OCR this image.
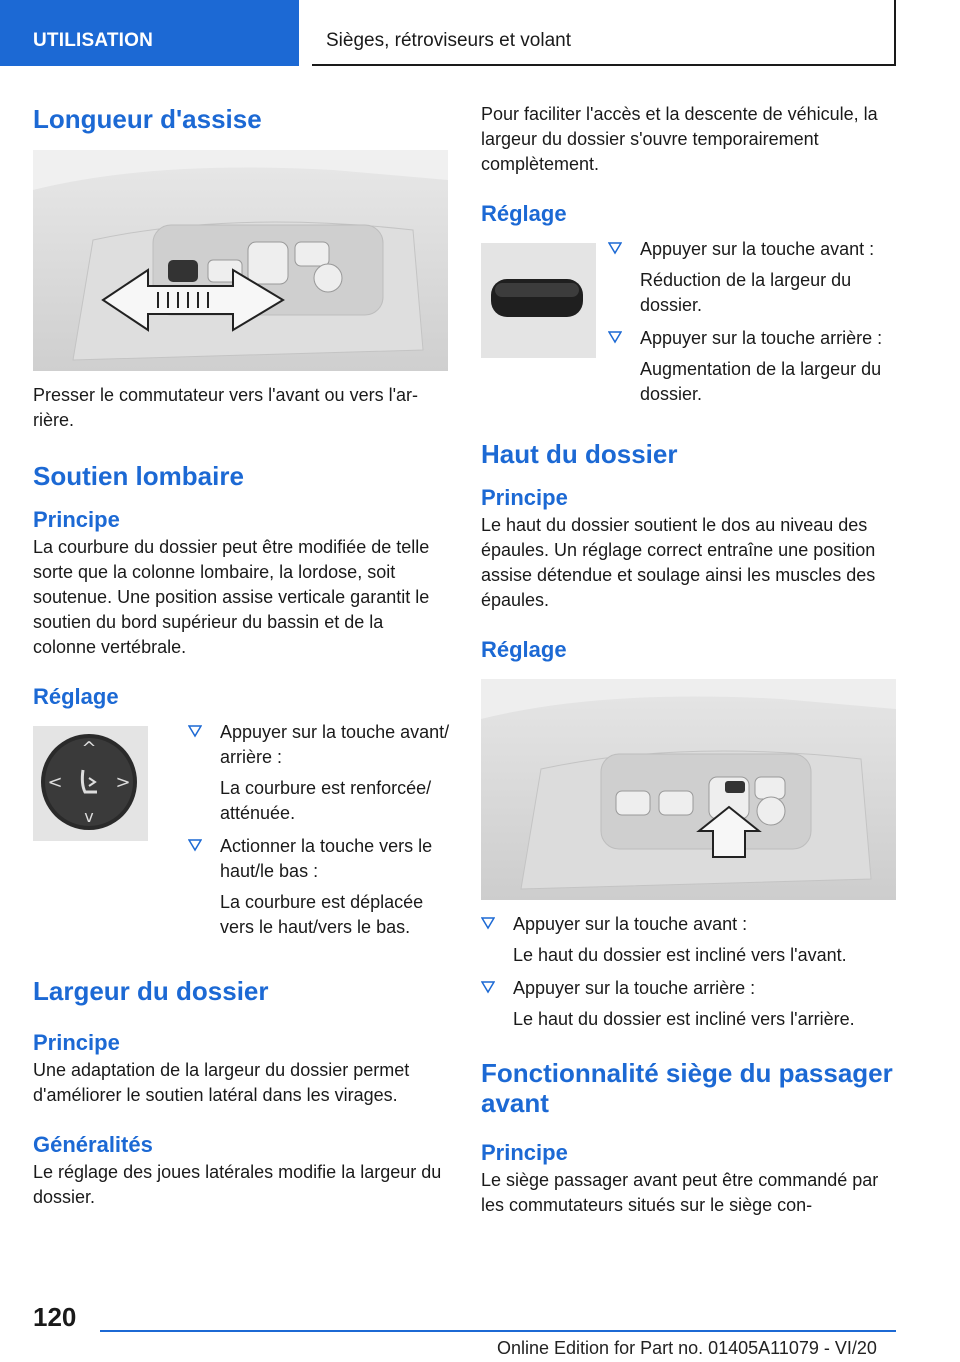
UTILISATION	Sièges, rétroviseurs et volant
Longueur d'assise

Presser le commutateur vers l'avant ou vers l'arrière.

Soutien lombaire
Principe

La courbure du dossier peut être modifiée de telle sorte que la colonne lombaire, la lordose, soit soutenue. Une position assise verticale garantit le soutien du bord supérieur du bassin et de la colonne vertébrale.

Réglage
^
v
<	>

Appuyer sur la touche avant/ arrière :

La courbure est renforcée/ atténuée.

Actionner la touche vers le haut/le bas :

La courbure est déplacée vers le haut/vers le bas.

Largeur du dossier
Principe

Une adaptation de la largeur du dossier permet d'améliorer le soutien latéral dans les virages.

Généralités

Le réglage des joues latérales modifie la largeur du dossier.

Pour faciliter l'accès et la descente de véhicule, la largeur du dossier s'ouvre temporairement complètement.

Réglage

Appuyer sur la touche avant :

Réduction de la largeur du dossier.

Appuyer sur la touche arrière :

Augmentation de la largeur du dossier.

Haut du dossier
Principe

Le haut du dossier soutient le dos au niveau des épaules. Un réglage correct entraîne une position assise détendue et soulage ainsi les muscles des épaules.

Réglage

Appuyer sur la touche avant :

Le haut du dossier est incliné vers l'avant.

Appuyer sur la touche arrière :

Le haut du dossier est incliné vers l'arrière.

Fonctionnalité siège du passager avant
Principe

Le siège passager avant peut être commandé par les commutateurs situés sur le siège con-

120
Online Edition for Part no. 01405A11079 - VI/20
